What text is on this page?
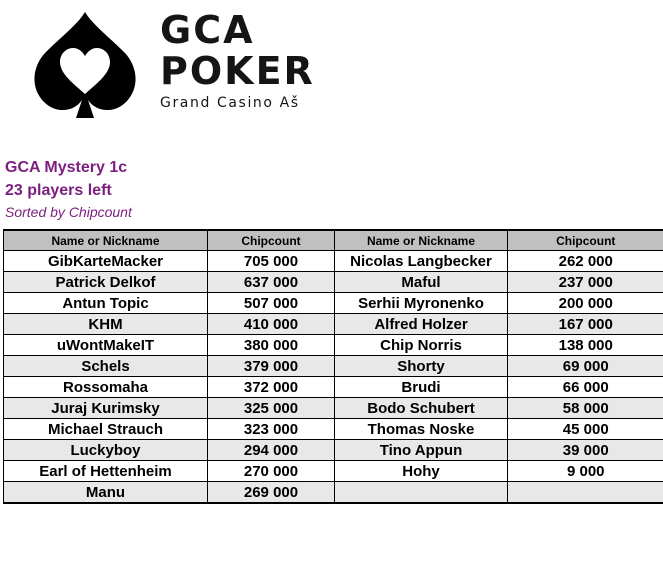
GCA
POKER
Grand Casino Aš
GCA Mystery 1c
23 players left
Sorted by Chipcount
Name or Nickname	Chipcount	Name or Nickname	Chipcount
GibKarteMacker	705 000	Nicolas Langbecker	262 000
Patrick Delkof	637 000	Maful	237 000
Antun Topic	507 000	Serhii Myronenko	200 000
KHM	410 000	Alfred Holzer	167 000
uWontMakeIT	380 000	Chip Norris	138 000
Schels	379 000	Shorty	69 000
Rossomaha	372 000	Brudi	66 000
Juraj Kurimsky	325 000	Bodo Schubert	58 000
Michael Strauch	323 000	Thomas Noske	45 000
Luckyboy	294 000	Tino Appun	39 000
Earl of Hettenheim	270 000	Hohy	9 000
Manu	269 000		
